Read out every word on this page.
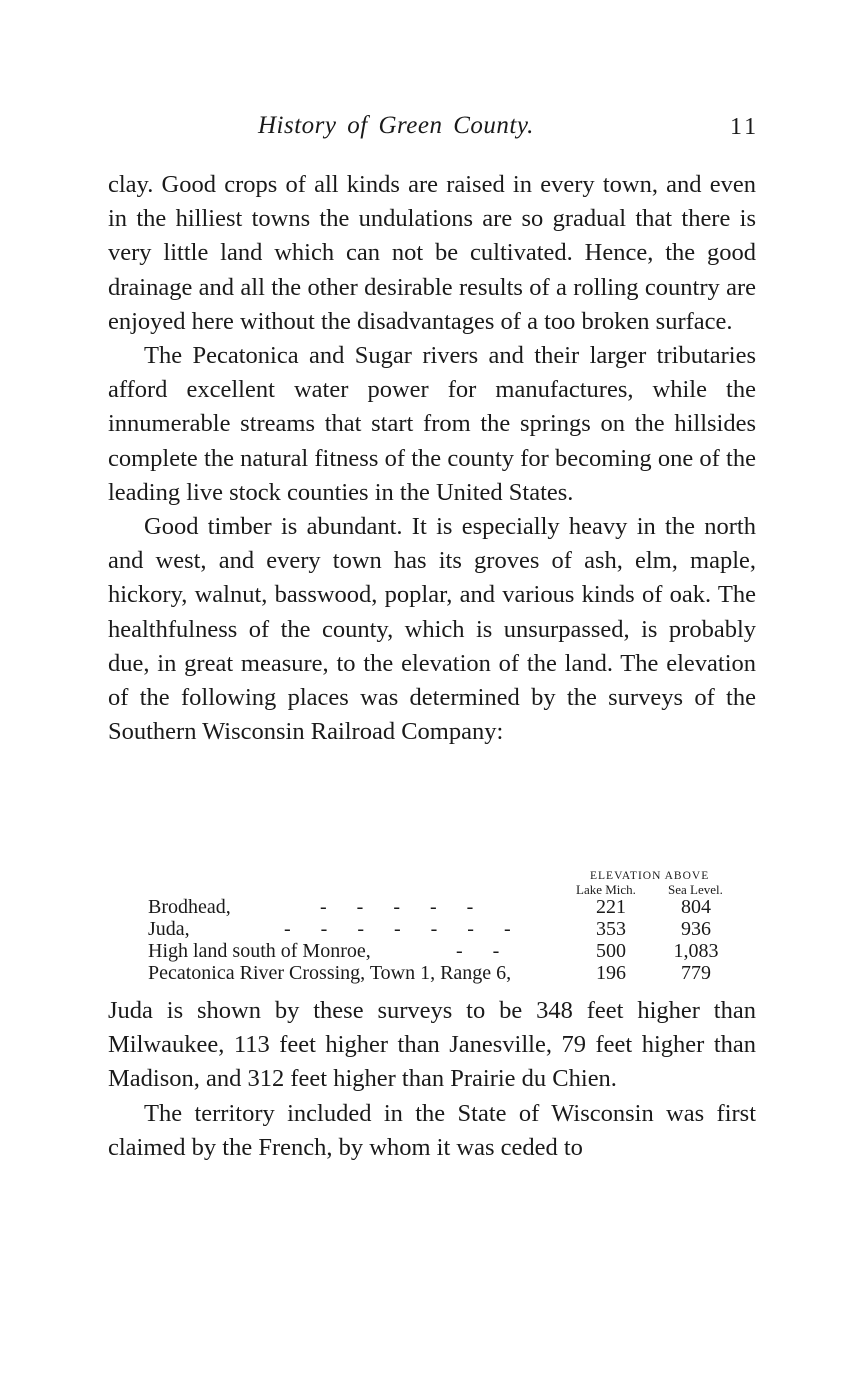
History of Green County.	11

clay. Good crops of all kinds are raised in every town, and even in the hilliest towns the undulations are so gradual that there is very little land which can not be cultivated. Hence, the good drainage and all the other desirable results of a rolling country are enjoyed here without the disadvantages of a too broken surface.

The Pecatonica and Sugar rivers and their larger tributaries afford excellent water power for manufactures, while the innumerable streams that start from the springs on the hillsides complete the natural fitness of the county for becoming one of the leading live stock counties in the United States.

Good timber is abundant. It is especially heavy in the north and west, and every town has its groves of ash, elm, maple, hickory, walnut, basswood, poplar, and various kinds of oak. The healthfulness of the county, which is unsurpassed, is probably due, in great measure, to the elevation of the land. The elevation of the following places was determined by the surveys of the Southern Wisconsin Railroad Company:

ELEVATION ABOVE
Lake Mich. Sea Level.
Brodhead,	-      -      -      -      -	221	804
Juda,	-      -      -      -      -      -      -	353	936
High land south of Monroe,	-      -	500	1,083
Pecatonica River Crossing, Town 1, Range 6,	196	779

Juda is shown by these surveys to be 348 feet higher than Milwaukee, 113 feet higher than Janesville, 79 feet higher than Madison, and 312 feet higher than Prairie du Chien.

The territory included in the State of Wisconsin was first claimed by the French, by whom it was ceded to
